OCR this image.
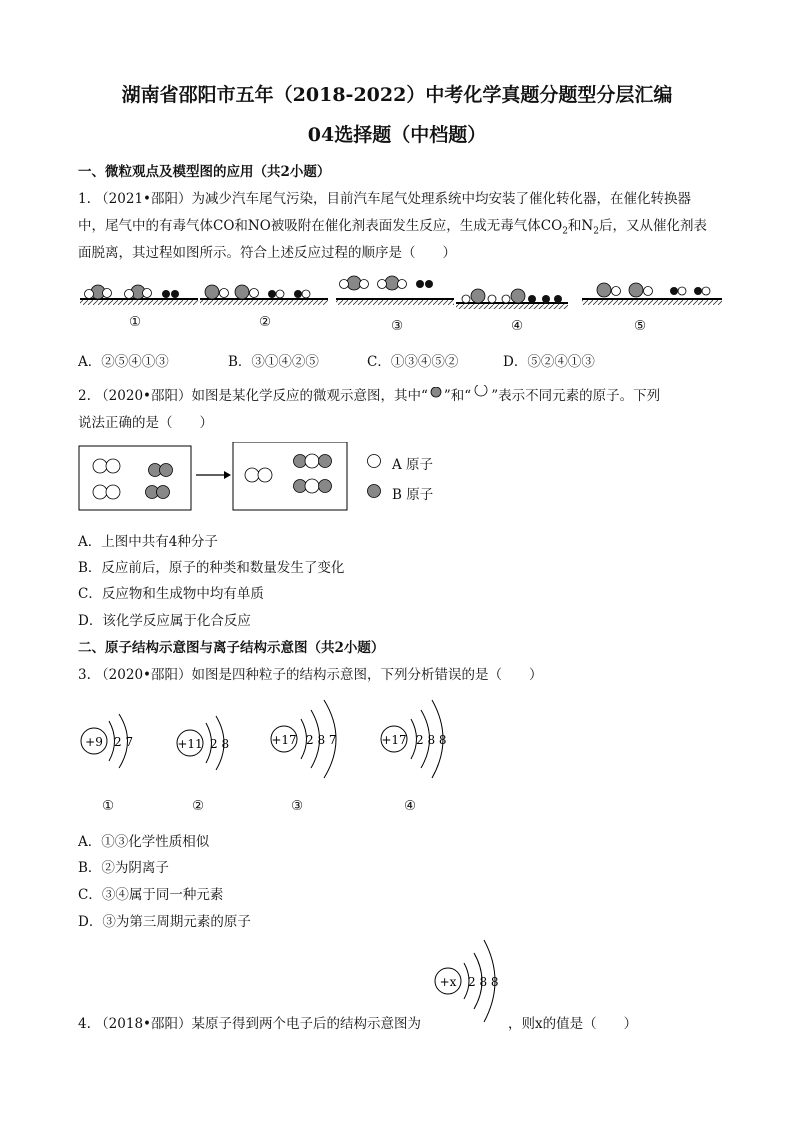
湖南省邵阳市五年（2018-2022）中考化学真题分题型分层汇编
04选择题（中档题）
一、微粒观点及模型图的应用（共2小题）
1. （2021•邵阳）为减少汽车尾气污染，目前汽车尾气处理系统中均安装了催化转化器，在催化转换器
中，尾气中的有毒气体CO和NO被吸附在催化剂表面发生反应，生成无毒气体$CO_2$和$N_2$后，又从催化剂表
面脱离，其过程如图所示。符合上述反应过程的顺序是（　　）
①	②	③	④	⑤
A．②⑤④①③	B．③①④②⑤	C．①③④⑤②	D．⑤②④①③
2. （2020•邵阳）如图是某化学反应的微观示意图，其中“ ”和“ ”表示不同元素的原子。下列
说法正确的是（　　）
A 原子
B 原子
A．上图中共有4种分子
B．反应前后，原子的种类和数量发生了变化
C．反应物和生成物中均有单质
D．该化学反应属于化合反应
二、原子结构示意图与离子结构示意图（共2小题）
3. （2020•邵阳）如图是四种粒子的结构示意图，下列分析错误的是（　　）
+9 2 7	+11 2 8	+17 2 8 7	+17 2 8 8
①	②	③	④
A．①③化学性质相似
B．②为阴离子
C．③④属于同一种元素
D．③为第三周期元素的原子
+x 2 8 8
4. （2018•邵阳）某原子得到两个电子后的结构示意图为	，则x的值是（　　）
